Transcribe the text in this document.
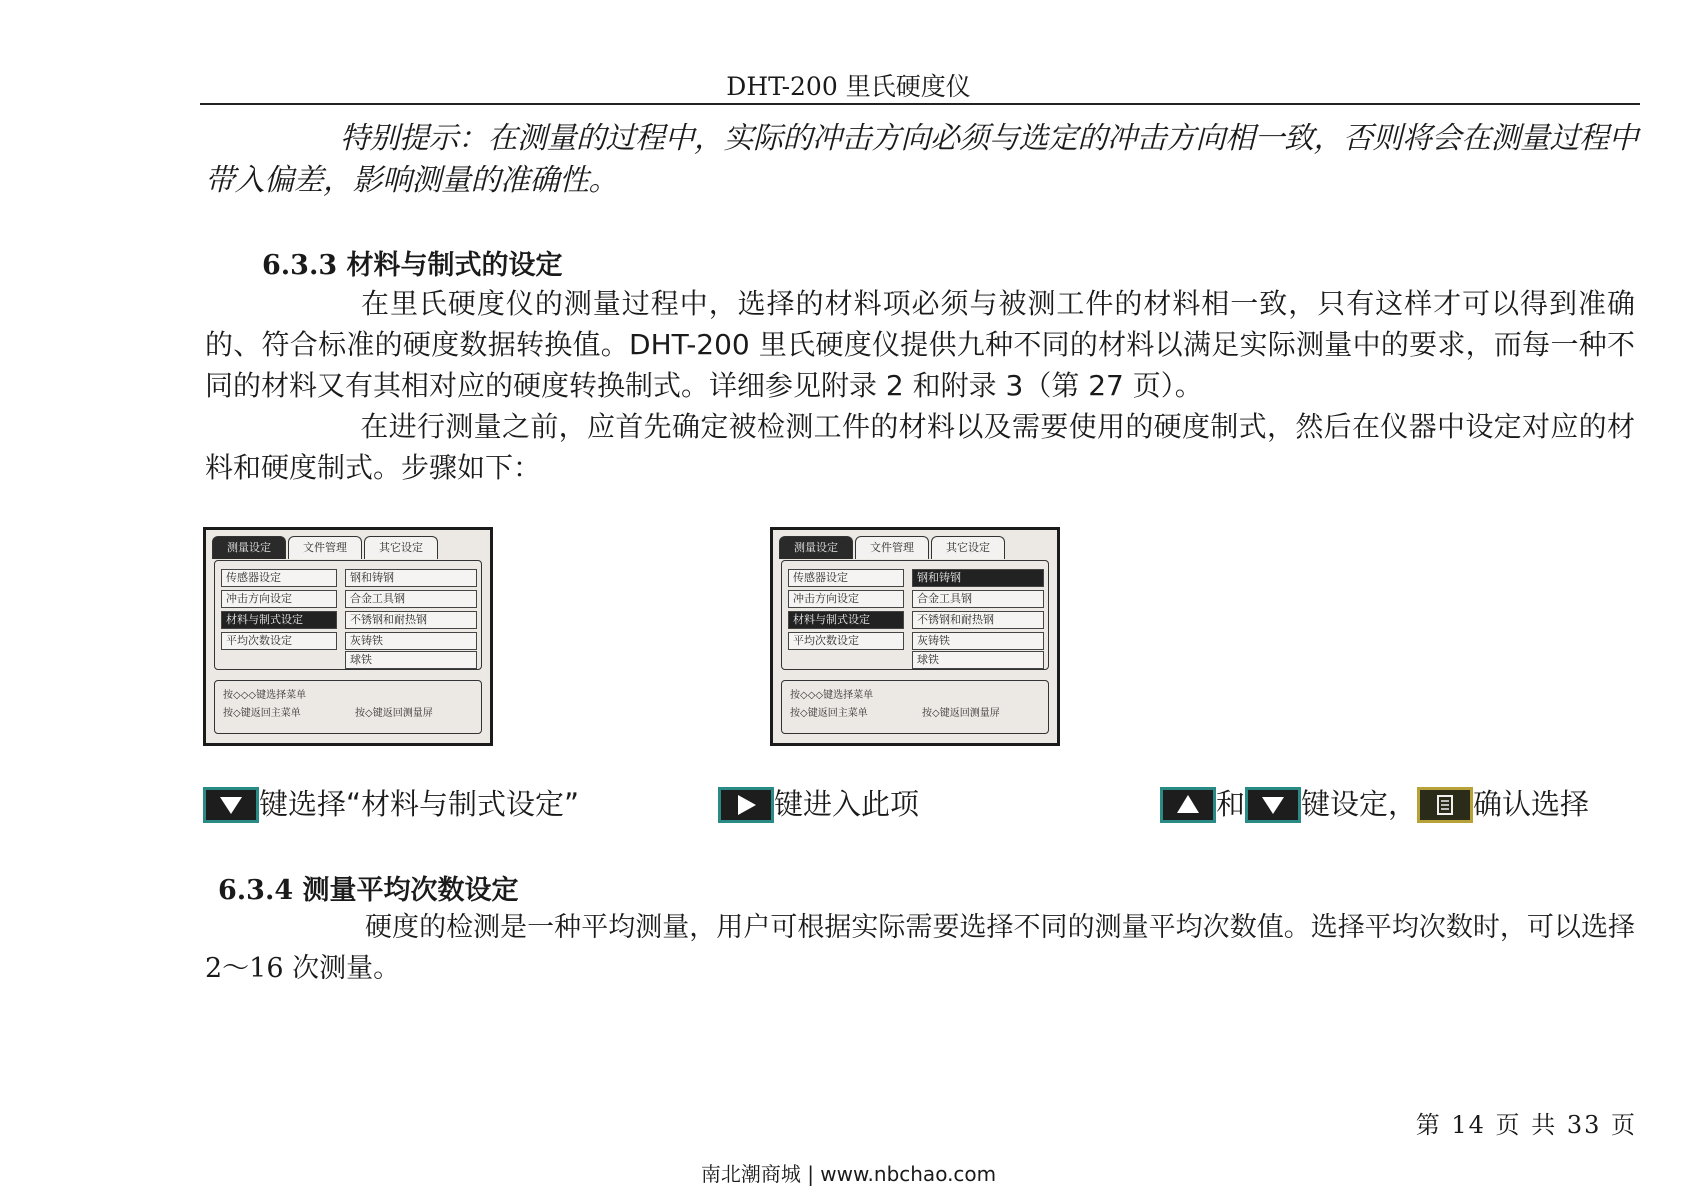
DHT-200 里氏硬度仪
特别提示：在测量的过程中，实际的冲击方向必须与选定的冲击方向相一致，否则将会在测量过程中带入偏差，影响测量的准确性。
6.3.3 材料与制式的设定
在里氏硬度仪的测量过程中，选择的材料项必须与被测工件的材料相一致，只有这样才可以得到准确的、符合标准的硬度数据转换值。DHT-200 里氏硬度仪提供九种不同的材料以满足实际测量中的要求，而每一种不同的材料又有其相对应的硬度转换制式。详细参见附录 2 和附录 3（第 27 页）。
在进行测量之前，应首先确定被检测工件的材料以及需要使用的硬度制式，然后在仪器中设定对应的材料和硬度制式。步骤如下：
测量设定	文件管理	其它设定
传感器设定
冲击方向设定
材料与制式设定
平均次数设定
钢和铸钢
合金工具钢
不锈钢和耐热钢
灰铸铁
球铁
按◇◇◇键选择菜单
按◇键返回主菜单	按◇键返回测量屏
测量设定	文件管理	其它设定
传感器设定
冲击方向设定
材料与制式设定
平均次数设定
钢和铸钢
合金工具钢
不锈钢和耐热钢
灰铸铁
球铁
按◇◇◇键选择菜单
按◇键返回主菜单	按◇键返回测量屏
键选择“材料与制式设定”	键进入此项	和 键设定， 确认选择
6.3.4 测量平均次数设定
硬度的检测是一种平均测量，用户可根据实际需要选择不同的测量平均次数值。选择平均次数时，可以选择 2～16 次测量。
第 14 页 共 33 页
南北潮商城 | www.nbchao.com
